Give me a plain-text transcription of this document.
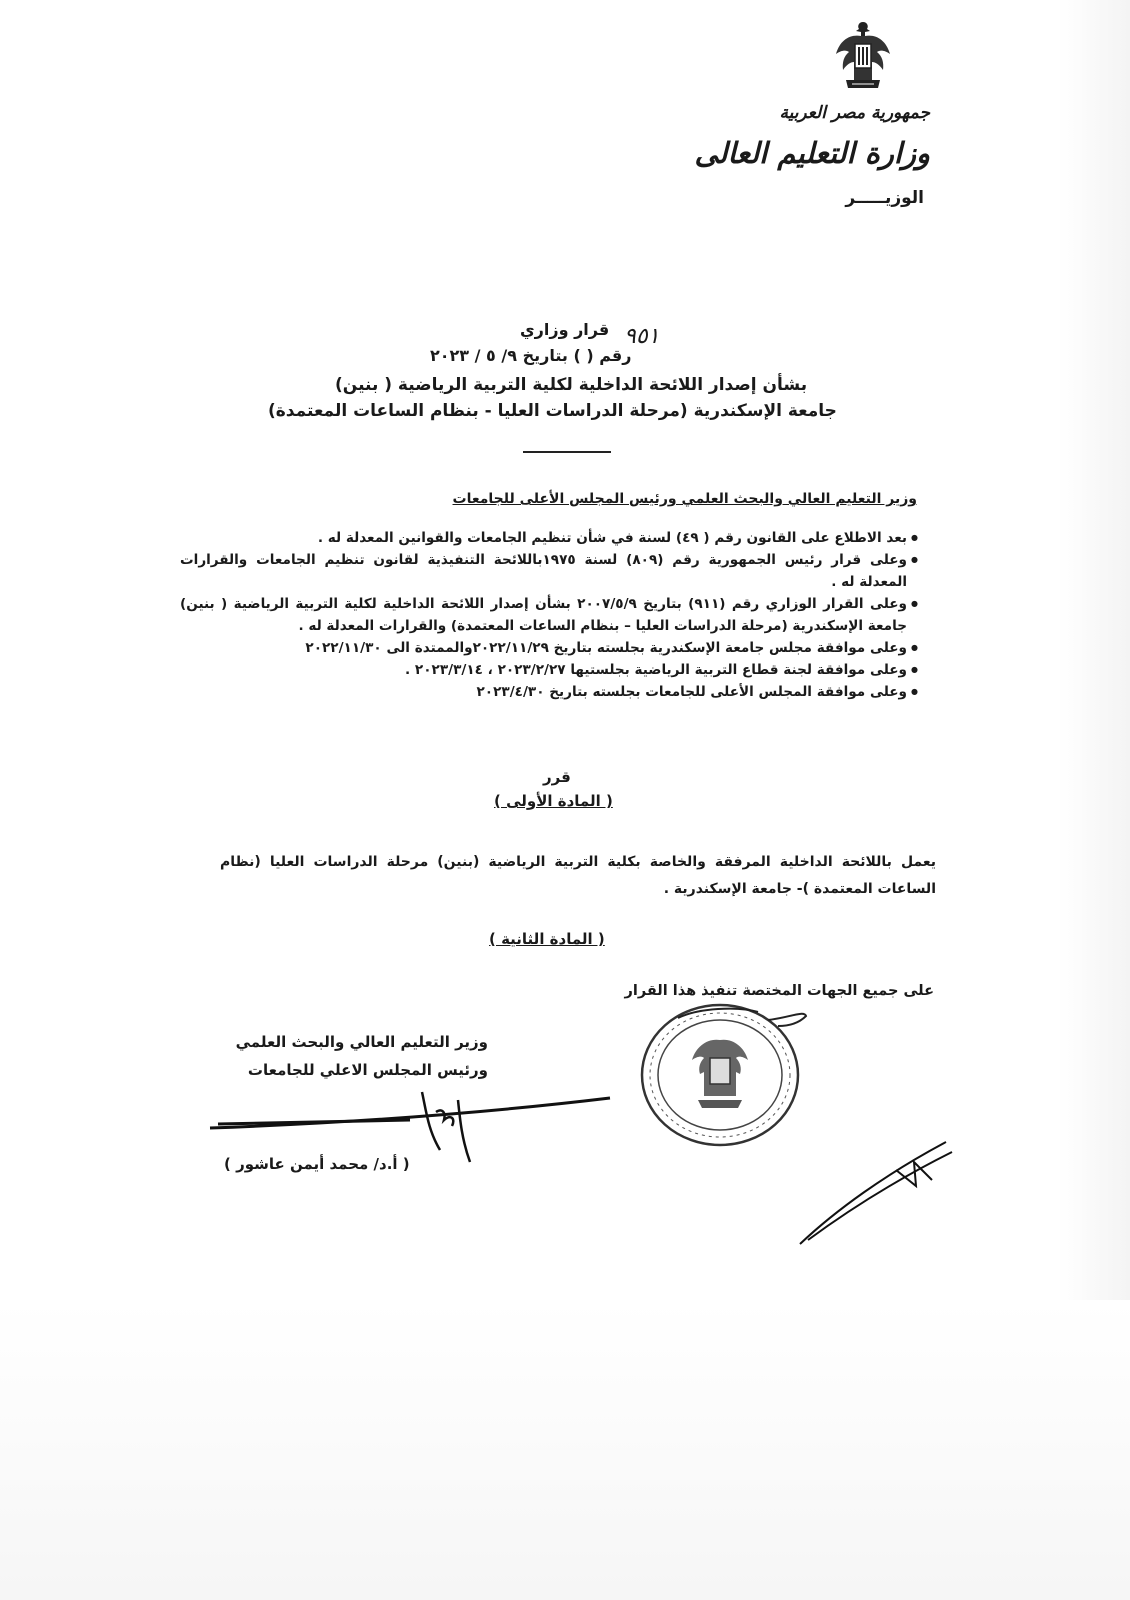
جمهورية مصر العربية
وزارة التعليم العالى
الوزيـــــر
قرار وزاري ٩٥١
رقم ( ) بتاريخ ٩/ ٥ / ٢٠٢٣
بشأن إصدار اللائحة الداخلية لكلية التربية الرياضية ( بنين)
جامعة الإسكندرية (مرحلة الدراسات العليا - بنظام الساعات المعتمدة)
وزير التعليم العالي والبحث العلمي ورئيس المجلس الأعلى للجامعات
● بعد الاطلاع على القانون رقم ( ٤٩) لسنة في شأن تنظيم الجامعات والقوانين المعدلة له .
● وعلى قرار رئيس الجمهورية رقم (٨٠٩) لسنة ١٩٧٥باللائحة التنفيذية لقانون تنظيم الجامعات والقرارات المعدلة له .
● وعلى القرار الوزاري رقم (٩١١) بتاريخ ٢٠٠٧/٥/٩ بشأن إصدار اللائحة الداخلية لكلية التربية الرياضية ( بنين) جامعة الإسكندرية (مرحلة الدراسات العليا – بنظام الساعات المعتمدة) والقرارات المعدلة له .
● وعلى موافقة مجلس جامعة الإسكندرية بجلسته بتاريخ ٢٠٢٢/١١/٢٩والممتدة الى ٢٠٢٢/١١/٣٠
● وعلى موافقة لجنة قطاع التربية الرياضية بجلستيها ٢٠٢٣/٢/٢٧ ، ٢٠٢٣/٣/١٤ .
● وعلى موافقة المجلس الأعلى للجامعات بجلسته بتاريخ ٢٠٢٣/٤/٣٠
قرر
( المادة الأولى )
يعمل باللائحة الداخلية المرفقة والخاصة بكلية التربية الرياضية (بنين) مرحلة الدراسات العليا (نظام الساعات المعتمدة )- جامعة الإسكندرية .
( المادة الثانية )
على جميع الجهات المختصة تنفيذ هذا القرار
وزير التعليم العالي والبحث العلمي
ورئيس المجلس الاعلي للجامعات
( أ.د/ محمد أيمن عاشور )
